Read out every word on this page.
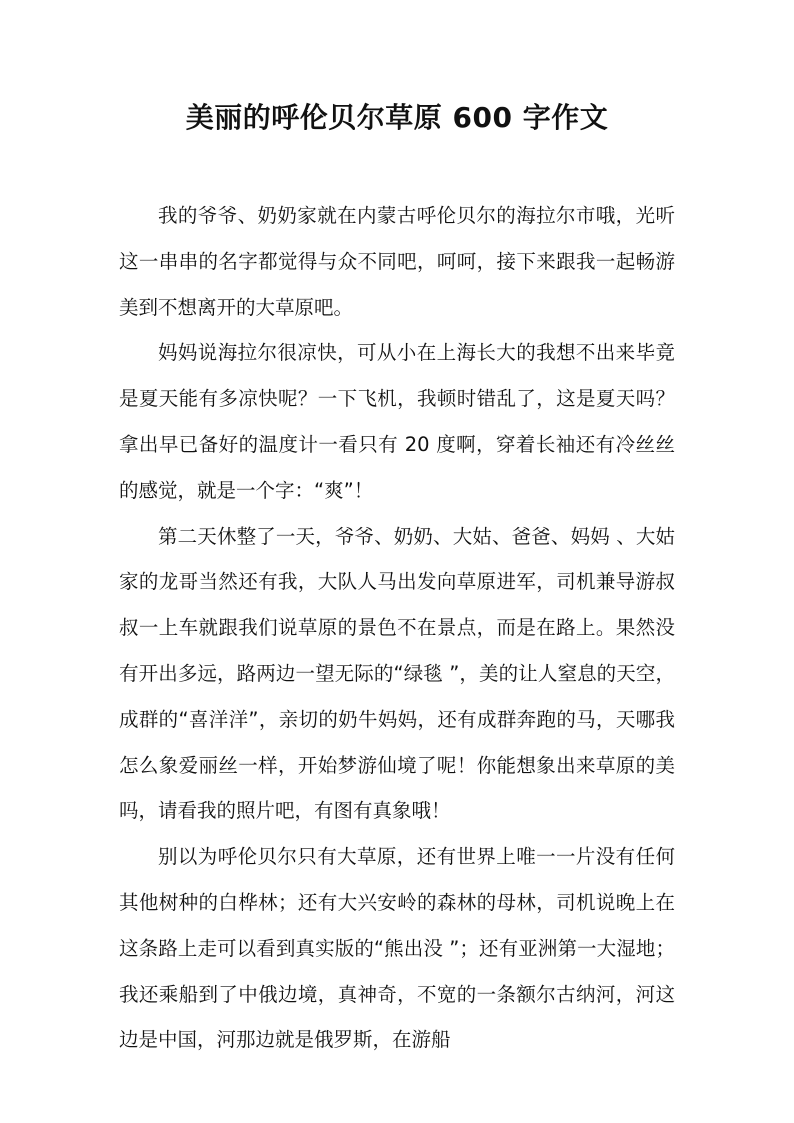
美丽的呼伦贝尔草原 600 字作文

我的爷爷、奶奶家就在内蒙古呼伦贝尔的海拉尔市哦，光听这一串串的名字都觉得与众不同吧，呵呵，接下来跟我一起畅游美到不想离开的大草原吧。

妈妈说海拉尔很凉快，可从小在上海长大的我想不出来毕竟是夏天能有多凉快呢？一下飞机，我顿时错乱了，这是夏天吗？拿出早已备好的温度计一看只有 20 度啊，穿着长袖还有冷丝丝的感觉，就是一个字：“爽”！

第二天休整了一天，爷爷、奶奶、大姑、爸爸、妈妈 、大姑家的龙哥当然还有我，大队人马出发向草原进军，司机兼导游叔叔一上车就跟我们说草原的景色不在景点，而是在路上。果然没有开出多远，路两边一望无际的“绿毯 ”，美的让人窒息的天空，成群的“喜洋洋”，亲切的奶牛妈妈，还有成群奔跑的马，天哪我怎么象爱丽丝一样，开始梦游仙境了呢！你能想象出来草原的美吗，请看我的照片吧，有图有真象哦！

别以为呼伦贝尔只有大草原，还有世界上唯一一片没有任何其他树种的白桦林；还有大兴安岭的森林的母林，司机说晚上在这条路上走可以看到真实版的“熊出没 ”；还有亚洲第一大湿地；我还乘船到了中俄边境，真神奇，不宽的一条额尔古纳河，河这边是中国，河那边就是俄罗斯，在游船
